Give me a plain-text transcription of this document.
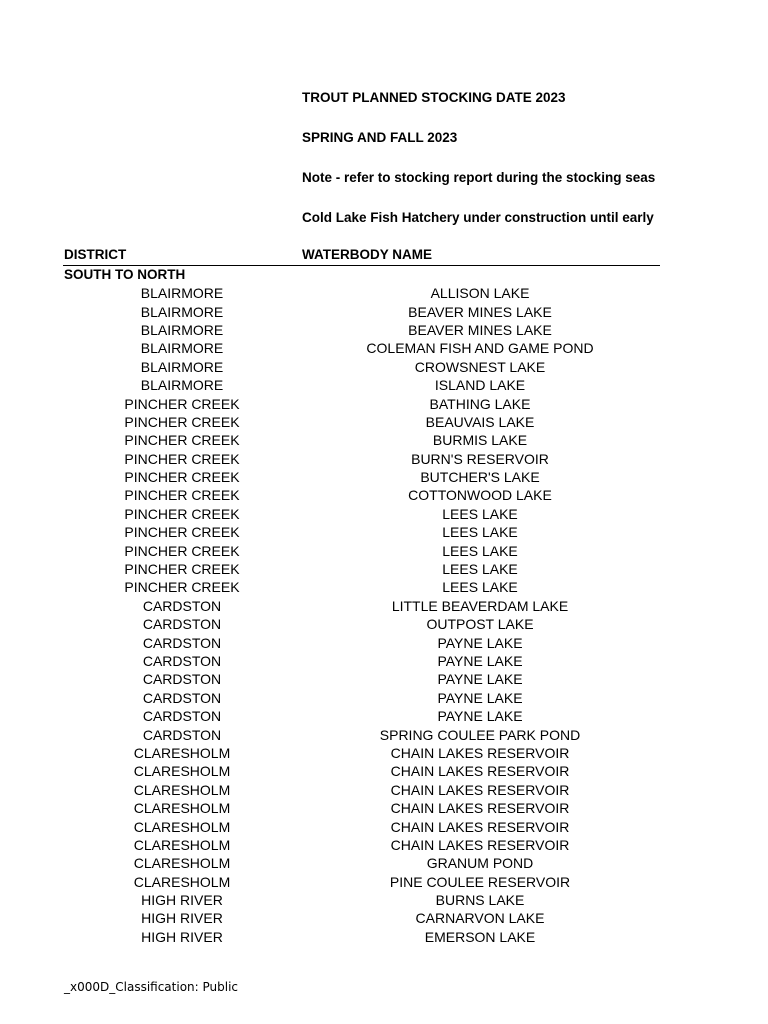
TROUT PLANNED STOCKING DATE 2023
SPRING AND FALL 2023
Note - refer to stocking report during the stocking seas
Cold Lake Fish Hatchery under construction until early
DISTRICT	WATERBODY NAME
SOUTH TO NORTH
BLAIRMORE	ALLISON LAKE
BLAIRMORE	BEAVER MINES LAKE
BLAIRMORE	BEAVER MINES LAKE
BLAIRMORE	COLEMAN FISH AND GAME POND
BLAIRMORE	CROWSNEST LAKE
BLAIRMORE	ISLAND LAKE
PINCHER CREEK	BATHING LAKE
PINCHER CREEK	BEAUVAIS LAKE
PINCHER CREEK	BURMIS LAKE
PINCHER CREEK	BURN'S RESERVOIR
PINCHER CREEK	BUTCHER'S LAKE
PINCHER CREEK	COTTONWOOD LAKE
PINCHER CREEK	LEES LAKE
PINCHER CREEK	LEES LAKE
PINCHER CREEK	LEES LAKE
PINCHER CREEK	LEES LAKE
PINCHER CREEK	LEES LAKE
CARDSTON	LITTLE BEAVERDAM LAKE
CARDSTON	OUTPOST LAKE
CARDSTON	PAYNE LAKE
CARDSTON	PAYNE LAKE
CARDSTON	PAYNE LAKE
CARDSTON	PAYNE LAKE
CARDSTON	PAYNE LAKE
CARDSTON	SPRING COULEE PARK POND
CLARESHOLM	CHAIN LAKES RESERVOIR
CLARESHOLM	CHAIN LAKES RESERVOIR
CLARESHOLM	CHAIN LAKES RESERVOIR
CLARESHOLM	CHAIN LAKES RESERVOIR
CLARESHOLM	CHAIN LAKES RESERVOIR
CLARESHOLM	CHAIN LAKES RESERVOIR
CLARESHOLM	GRANUM POND
CLARESHOLM	PINE COULEE RESERVOIR
HIGH RIVER	BURNS LAKE
HIGH RIVER	CARNARVON LAKE
HIGH RIVER	EMERSON LAKE
_x000D_Classification: Public
